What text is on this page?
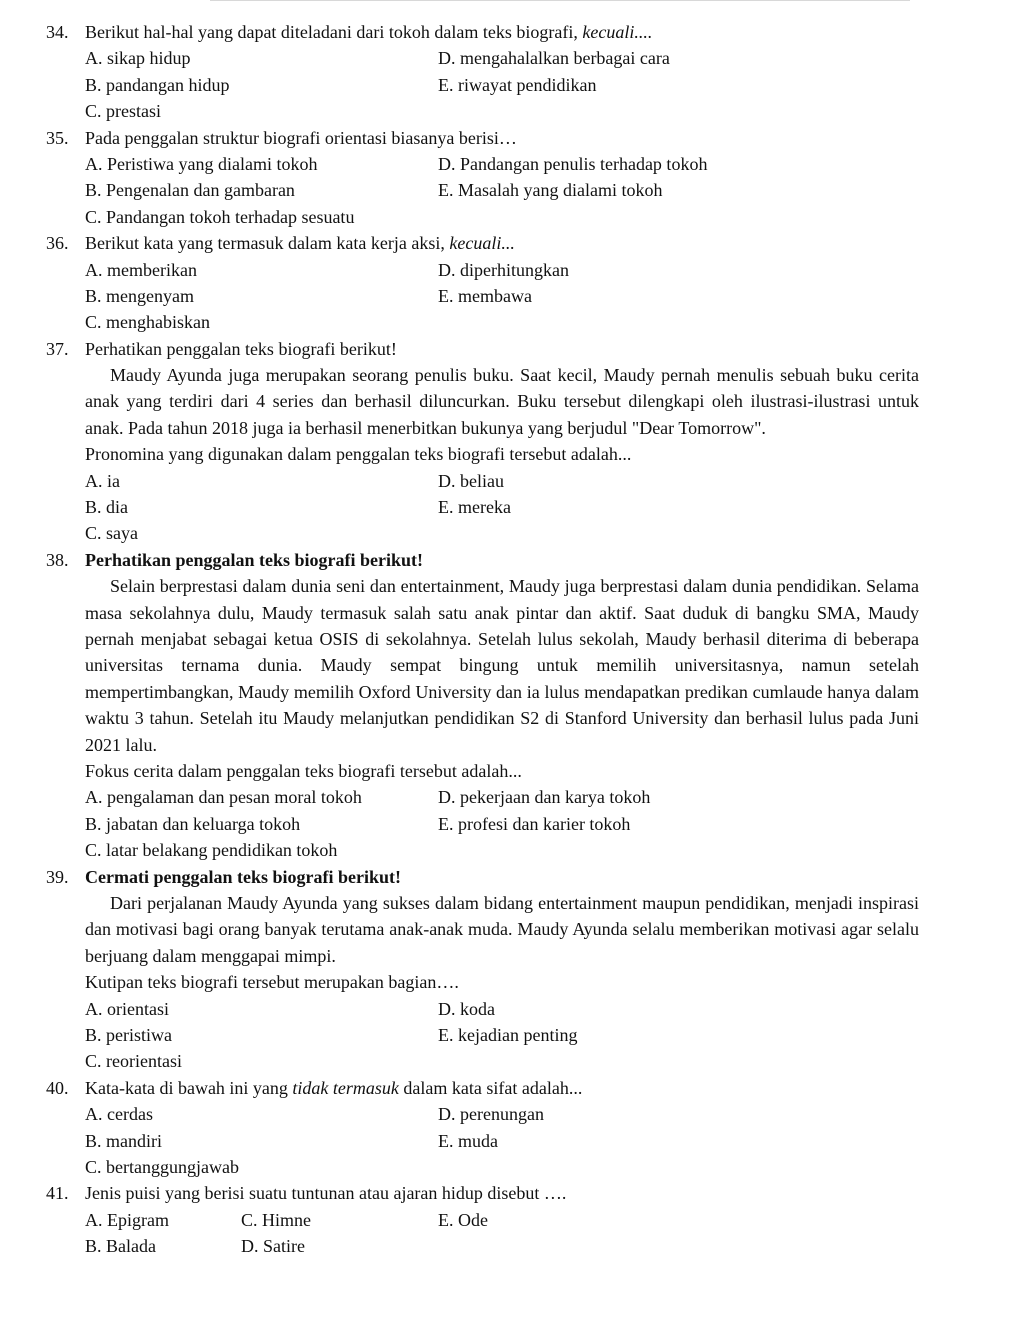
34. Berikut hal-hal yang dapat diteladani dari tokoh dalam teks biografi, kecuali....
A. sikap hidup	D. mengahalalkan berbagai cara
B. pandangan hidup	E. riwayat pendidikan
C. prestasi
35. Pada penggalan struktur biografi orientasi biasanya berisi…
A. Peristiwa yang dialami tokoh	D. Pandangan penulis terhadap tokoh
B. Pengenalan dan gambaran	E. Masalah yang dialami tokoh
C. Pandangan tokoh terhadap sesuatu
36. Berikut kata yang termasuk dalam kata kerja aksi, kecuali...
A. memberikan	D. diperhitungkan
B. mengenyam	E. membawa
C. menghabiskan
37. Perhatikan penggalan teks biografi berikut!

Maudy Ayunda juga merupakan seorang penulis buku. Saat kecil, Maudy pernah menulis sebuah buku cerita anak yang terdiri dari 4 series dan berhasil diluncurkan. Buku tersebut dilengkapi oleh ilustrasi-ilustrasi untuk anak. Pada tahun 2018 juga ia berhasil menerbitkan bukunya yang berjudul "Dear Tomorrow".

Pronomina yang digunakan dalam penggalan teks biografi tersebut adalah...
A. ia	D. beliau
B. dia	E. mereka
C. saya
38. Perhatikan penggalan teks biografi berikut!

Selain berprestasi dalam dunia seni dan entertainment, Maudy juga berprestasi dalam dunia pendidikan. Selama masa sekolahnya dulu, Maudy termasuk salah satu anak pintar dan aktif. Saat duduk di bangku SMA, Maudy pernah menjabat sebagai ketua OSIS di sekolahnya. Setelah lulus sekolah, Maudy berhasil diterima di beberapa universitas ternama dunia. Maudy sempat bingung untuk memilih universitasnya, namun setelah mempertimbangkan, Maudy memilih Oxford University dan ia lulus mendapatkan predikan cumlaude hanya dalam waktu 3 tahun. Setelah itu Maudy melanjutkan pendidikan S2 di Stanford University dan berhasil lulus pada Juni 2021 lalu.

Fokus cerita dalam penggalan teks biografi tersebut adalah...
A. pengalaman dan pesan moral tokoh	D. pekerjaan dan karya tokoh
B. jabatan dan keluarga tokoh	E. profesi dan karier tokoh
C. latar belakang pendidikan tokoh
39. Cermati penggalan teks biografi berikut!

Dari perjalanan Maudy Ayunda yang sukses dalam bidang entertainment maupun pendidikan, menjadi inspirasi dan motivasi bagi orang banyak terutama anak-anak muda. Maudy Ayunda selalu memberikan motivasi agar selalu berjuang dalam menggapai mimpi.

Kutipan teks biografi tersebut merupakan bagian….
A. orientasi	D. koda
B. peristiwa	E. kejadian penting
C. reorientasi
40. Kata-kata di bawah ini yang tidak termasuk dalam kata sifat adalah...
A. cerdas	D. perenungan
B. mandiri	E. muda
C. bertanggungjawab
41. Jenis puisi yang berisi suatu tuntunan atau ajaran hidup disebut ….
A. Epigram	C. Himne	E. Ode
B. Balada	D. Satire
